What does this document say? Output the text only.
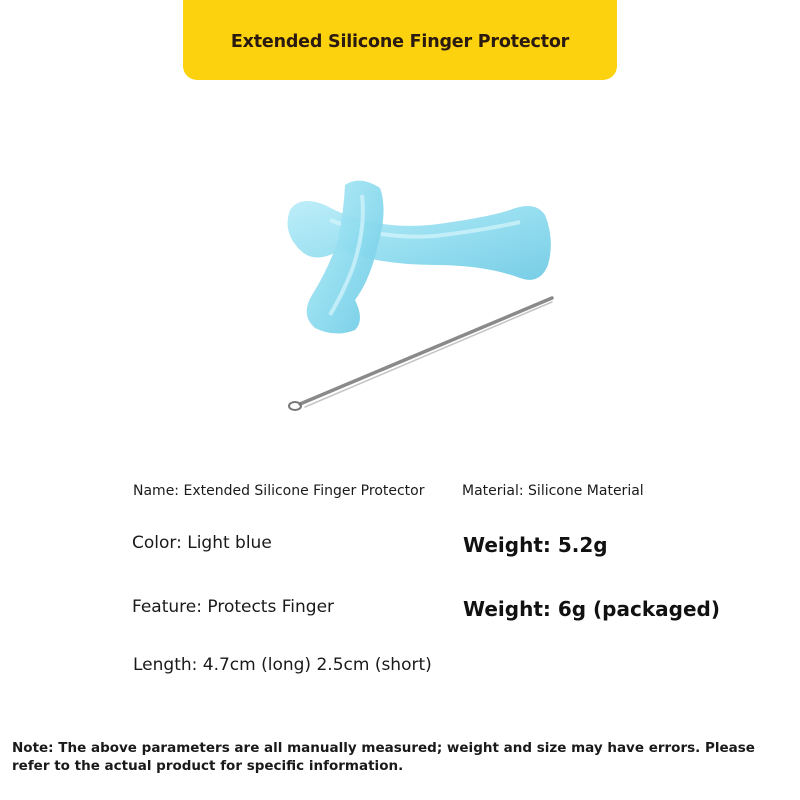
Extended Silicone Finger Protector
Name: Extended Silicone Finger Protector	Material: Silicone Material
Color: Light blue	Weight: 5.2g
Feature: Protects Finger	Weight: 6g (packaged)
Length: 4.7cm (long) 2.5cm (short)
Note: The above parameters are all manually measured; weight and size may have errors. Please refer to the actual product for specific information.
